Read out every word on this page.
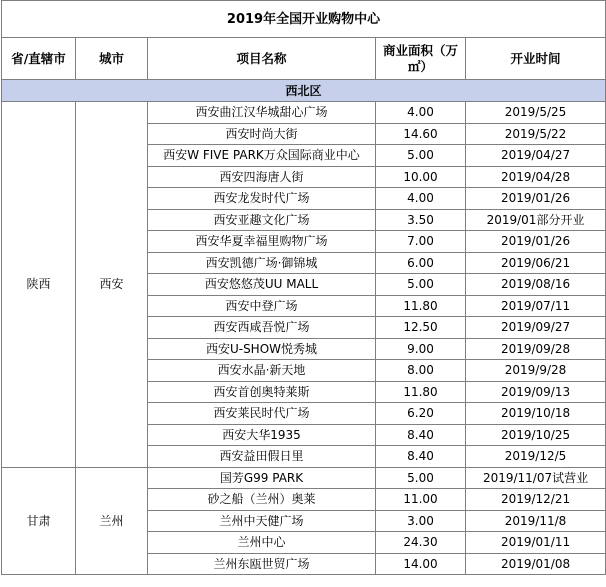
2019年全国开业购物中心				
省/直辖市	城市	项目名称	商业面积（万㎡）	开业时间
西北区				
陕西	西安	西安曲江汉华城甜心广场	4.00	2019/5/25
		西安时尚大街	14.60	2019/5/22
		西安W FIVE PARK万众国际商业中心	5.00	2019/04/27
		西安四海唐人街	10.00	2019/04/28
		西安龙发时代广场	4.00	2019/01/26
		西安亚趣文化广场	3.50	2019/01部分开业
		西安华夏幸福里购物广场	7.00	2019/01/26
		西安凯德广场·御锦城	6.00	2019/06/21
		西安悠悠茂UU MALL	5.00	2019/08/16
		西安中登广场	11.80	2019/07/11
		西安西咸吾悦广场	12.50	2019/09/27
		西安U-SHOW悦秀城	9.00	2019/09/28
		西安水晶·新天地	8.00	2019/9/28
		西安首创奥特莱斯	11.80	2019/09/13
		西安莱民时代广场	6.20	2019/10/18
		西安大华1935	8.40	2019/10/25
		西安益田假日里	8.40	2019/12/5
甘肃	兰州	国芳G99 PARK	5.00	2019/11/07试营业
		砂之船（兰州）奥莱	11.00	2019/12/21
		兰州中天健广场	3.00	2019/11/8
		兰州中心	24.30	2019/01/11
		兰州东瓯世贸广场	14.00	2019/01/08
